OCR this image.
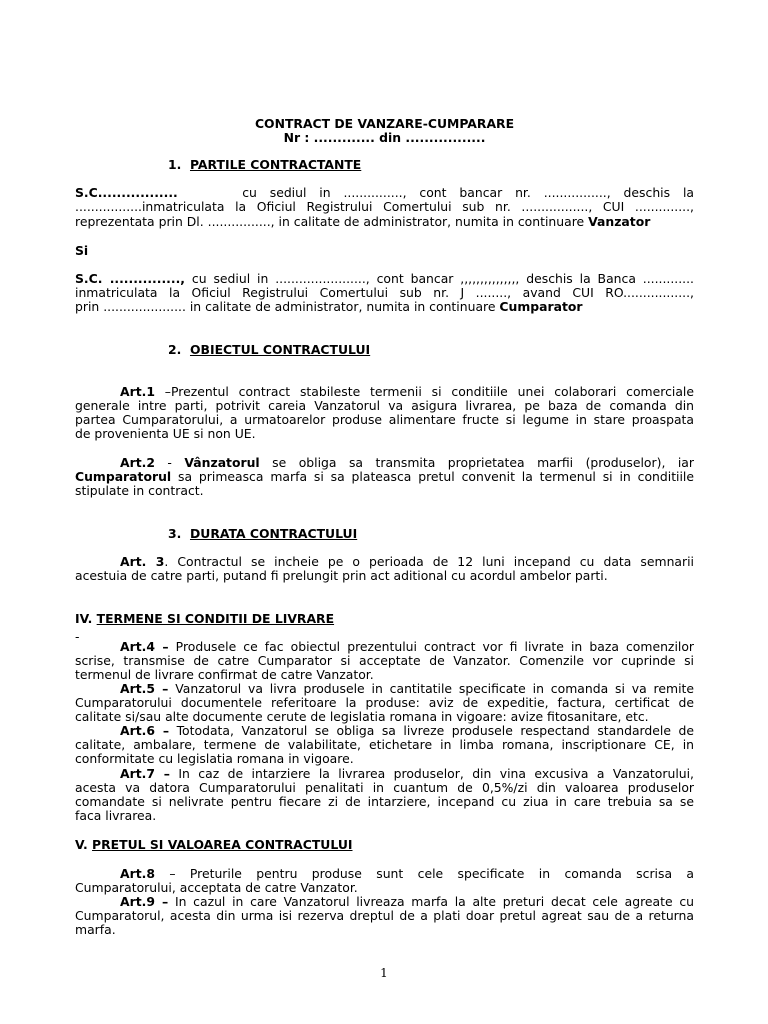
CONTRACT DE VANZARE-CUMPARARE
Nr : ............. din .................
1. PARTILE CONTRACTANTE
S.C.................	cu sediul in ..............., cont bancar nr. ................, deschis la
.................inmatriculata la Oficiul Registrului Comertului sub nr. ................., CUI ..............,
reprezentata prin Dl. ................, in calitate de administrator, numita in continuare Vanzator
Si
S.C. ..............., cu sediul in ......................., cont bancar ,,,,,,,,,,,,,,, deschis la Banca .............
inmatriculata la Oficiul Registrului Comertului sub nr. J ........, avand CUI RO.................,
prin ..................... in calitate de administrator, numita in continuare Cumparator
2. OBIECTUL CONTRACTULUI
Art.1 –Prezentul contract stabileste termenii si conditiile unei colaborari comerciale
generale intre parti, potrivit careia Vanzatorul va asigura livrarea, pe baza de comanda din
partea Cumparatorului, a urmatoarelor produse alimentare fructe si legume in stare proaspata
de provenienta UE si non UE.
Art.2 - Vânzatorul se obliga sa transmita proprietatea marfii (produselor), iar
Cumparatorul sa primeasca marfa si sa plateasca pretul convenit la termenul si in conditiile
stipulate in contract.
3. DURATA CONTRACTULUI
Art. 3. Contractul se incheie pe o perioada de 12 luni incepand cu data semnarii
acestuia de catre parti, putand fi prelungit prin act aditional cu acordul ambelor parti.
IV. TERMENE SI CONDITII DE LIVRARE
-
Art.4 – Produsele ce fac obiectul prezentului contract vor fi livrate in baza comenzilor
scrise, transmise de catre Cumparator si acceptate de Vanzator. Comenzile vor cuprinde si
termenul de livrare confirmat de catre Vanzator.
Art.5 – Vanzatorul va livra produsele in cantitatile specificate in comanda si va remite
Cumparatorului documentele referitoare la produse: aviz de expeditie, factura, certificat de
calitate si/sau alte documente cerute de legislatia romana in vigoare: avize fitosanitare, etc.
Art.6 – Totodata, Vanzatorul se obliga sa livreze produsele respectand standardele de
calitate, ambalare, termene de valabilitate, etichetare in limba romana, inscriptionare CE, in
conformitate cu legislatia romana in vigoare.
Art.7 – In caz de intarziere la livrarea produselor, din vina excusiva a Vanzatorului,
acesta va datora Cumparatorului penalitati in cuantum de 0,5%/zi din valoarea produselor
comandate si nelivrate pentru fiecare zi de intarziere, incepand cu ziua in care trebuia sa se
faca livrarea.
V. PRETUL SI VALOAREA CONTRACTULUI
Art.8 – Preturile pentru produse sunt cele specificate in comanda scrisa a
Cumparatorului, acceptata de catre Vanzator.
Art.9 – In cazul in care Vanzatorul livreaza marfa la alte preturi decat cele agreate cu
Cumparatorul, acesta din urma isi rezerva dreptul de a plati doar pretul agreat sau de a returna
marfa.
1
